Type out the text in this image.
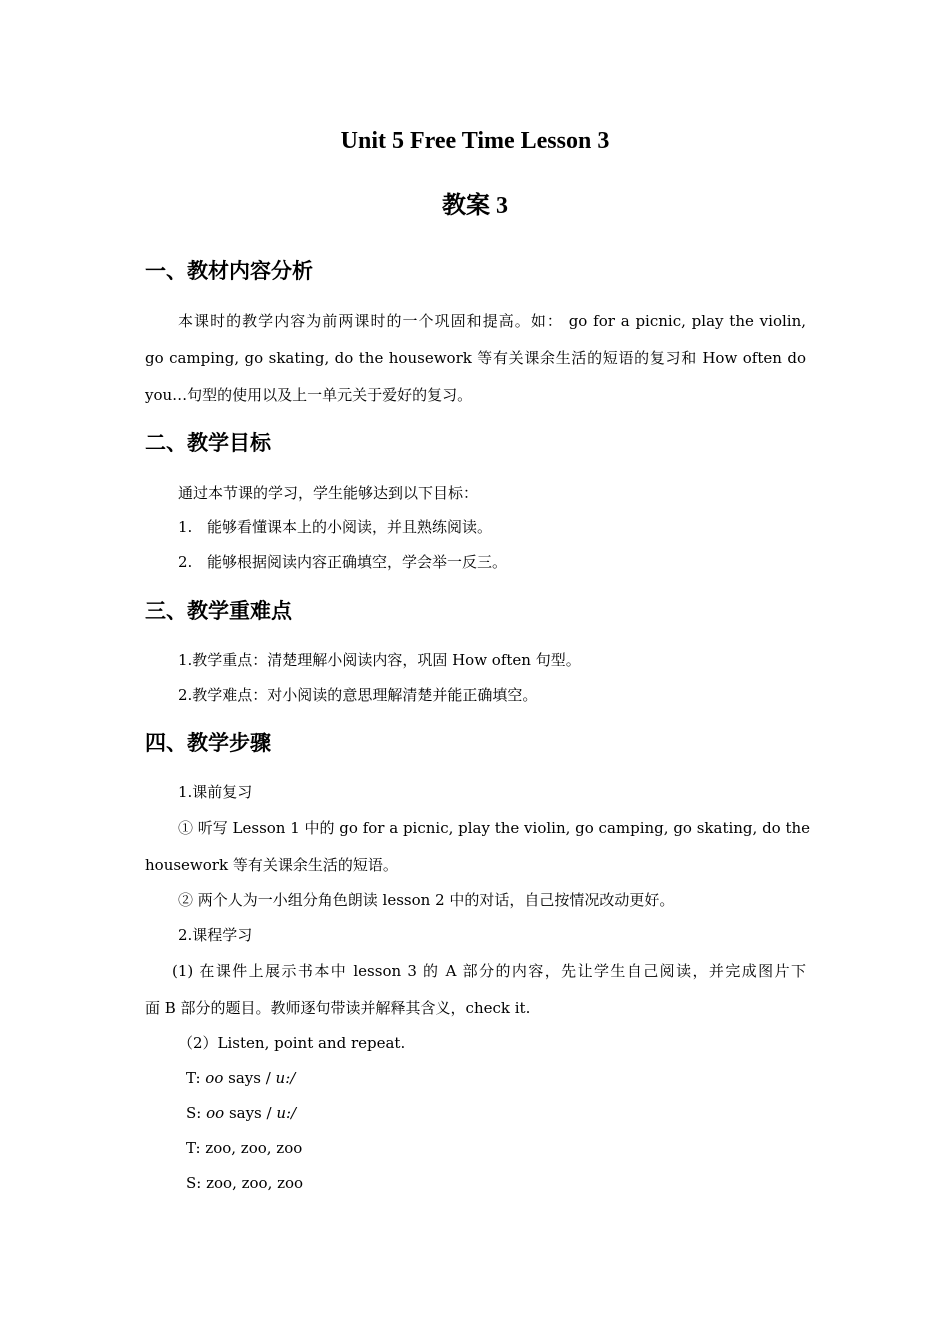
Unit 5 Free Time Lesson 3
教案 3
一、教材内容分析
本课时的教学内容为前两课时的一个巩固和提高。如： go for a picnic, play the violin,
go camping, go skating, do the housework 等有关课余生活的短语的复习和 How often do
you…句型的使用以及上一单元关于爱好的复习。
二、教学目标
通过本节课的学习，学生能够达到以下目标：
1. 能够看懂课本上的小阅读，并且熟练阅读。
2. 能够根据阅读内容正确填空，学会举一反三。
三、教学重难点
1.教学重点：清楚理解小阅读内容，巩固 How often 句型。
2.教学难点：对小阅读的意思理解清楚并能正确填空。
四、教学步骤
1.课前复习
① 听写 Lesson 1 中的 go for a picnic, play the violin, go camping, go skating, do the
housework 等有关课余生活的短语。
② 两个人为一小组分角色朗读 lesson 2 中的对话，自己按情况改动更好。
2.课程学习
(1) 在课件上展示书本中 lesson 3 的 A 部分的内容，先让学生自己阅读，并完成图片下
面 B 部分的题目。教师逐句带读并解释其含义，check it.
（2）Listen, point and repeat.
T: oo says / u:/
S: oo says / u:/
T: zoo, zoo, zoo
S: zoo, zoo, zoo
